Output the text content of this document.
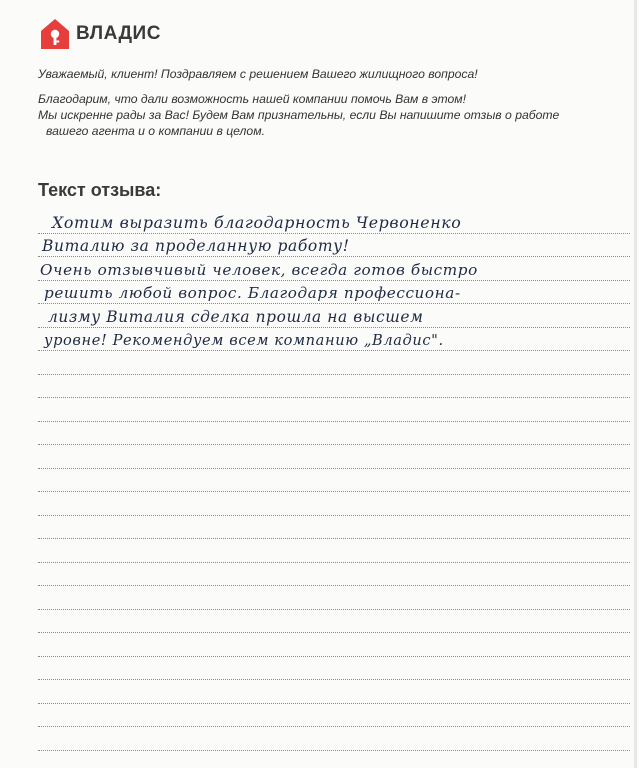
ВЛАДИС

Уважаемый, клиент! Поздравляем с решением Вашего жилищного вопроса!

Благодарим, что дали возможность нашей компании помочь Вам в этом!

Мы искренне рады за Вас! Будем Вам признательны, если Вы напишите отзыв о работе

вашего агента и о компании в целом.

Текст отзыва:
Хотим выразить благодарность Червоненко
Виталию за проделанную работу!
Очень отзывчивый человек, всегда готов быстро
решить любой вопрос. Благодаря профессиона-
лизму Виталия сделка прошла на высшем
уровне! Рекомендуем всем компанию „Владис".
